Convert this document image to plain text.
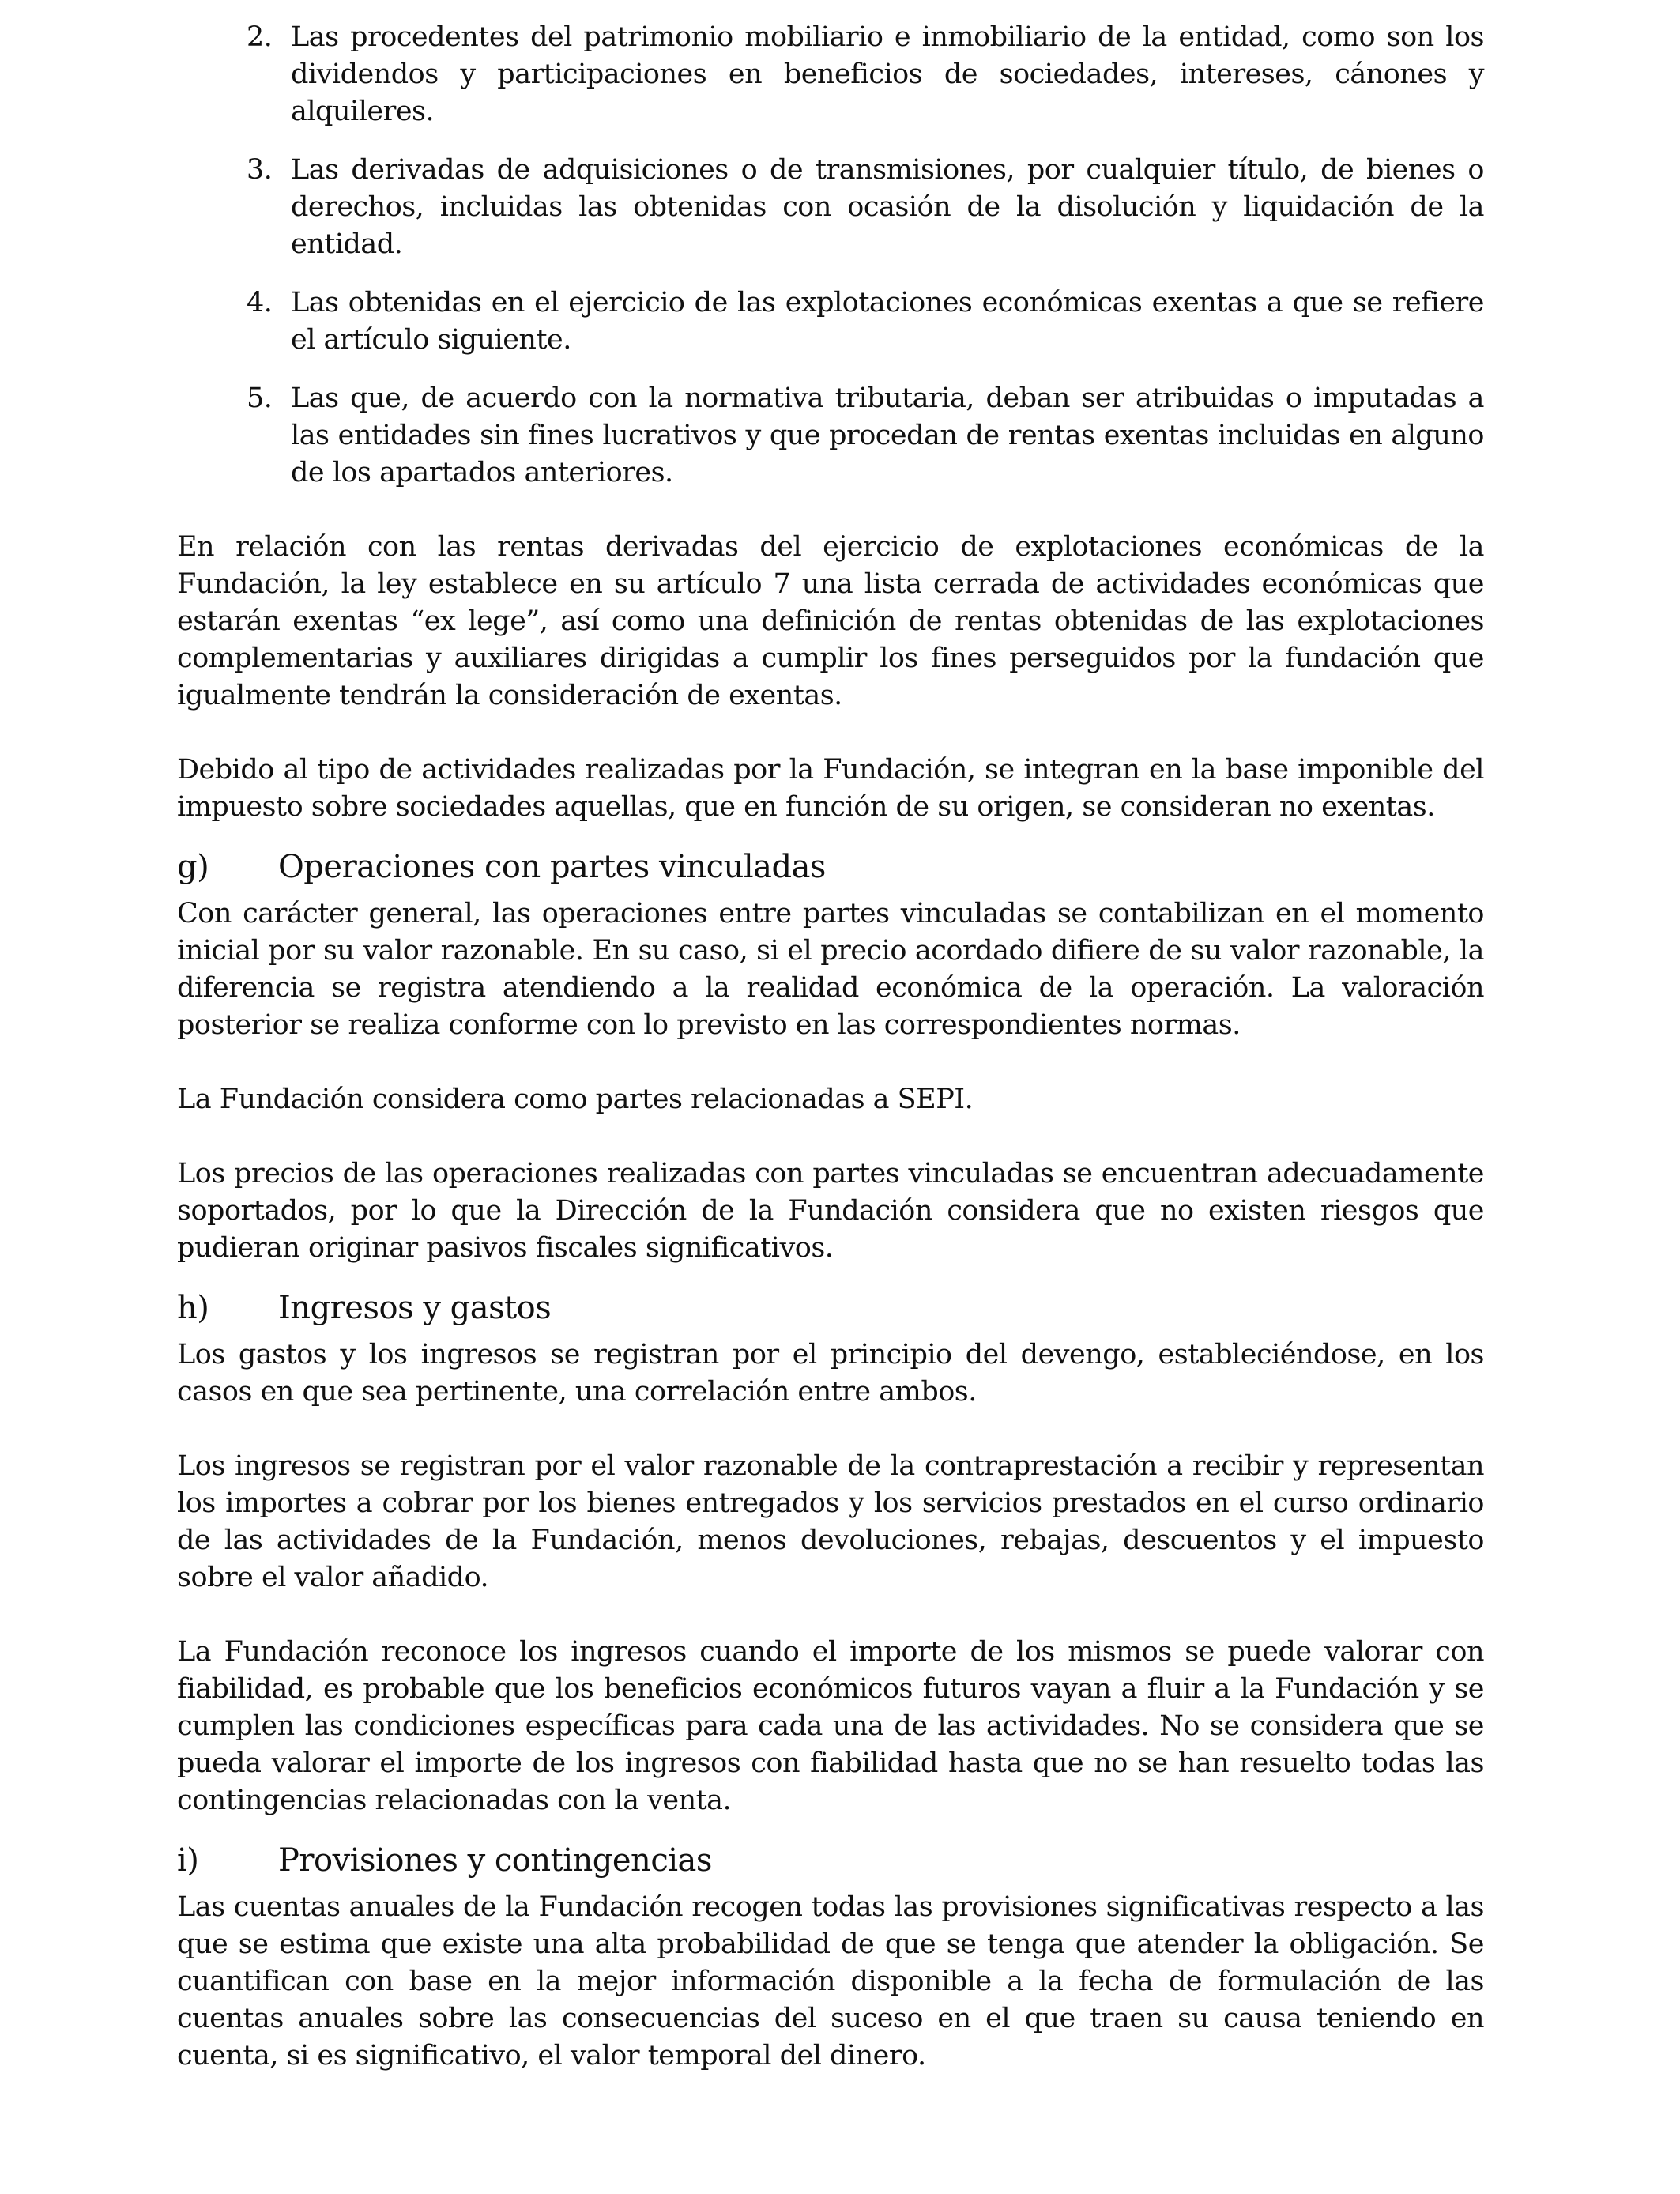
2. Las procedentes del patrimonio mobiliario e inmobiliario de la entidad, como son los dividendos y participaciones en beneficios de sociedades, intereses, cánones y alquileres.
3. Las derivadas de adquisiciones o de transmisiones, por cualquier título, de bienes o derechos, incluidas las obtenidas con ocasión de la disolución y liquidación de la entidad.
4. Las obtenidas en el ejercicio de las explotaciones económicas exentas a que se refiere el artículo siguiente.
5. Las que, de acuerdo con la normativa tributaria, deban ser atribuidas o imputadas a las entidades sin fines lucrativos y que procedan de rentas exentas incluidas en alguno de los apartados anteriores.

En relación con las rentas derivadas del ejercicio de explotaciones económicas de la Fundación, la ley establece en su artículo 7 una lista cerrada de actividades económicas que estarán exentas “ex lege”, así como una definición de rentas obtenidas de las explotaciones complementarias y auxiliares dirigidas a cumplir los fines perseguidos por la fundación que igualmente tendrán la consideración de exentas.

Debido al tipo de actividades realizadas por la Fundación, se integran en la base imponible del impuesto sobre sociedades aquellas, que en función de su origen, se consideran no exentas.

g)	Operaciones con partes vinculadas

Con carácter general, las operaciones entre partes vinculadas se contabilizan en el momento inicial por su valor razonable. En su caso, si el precio acordado difiere de su valor razonable, la diferencia se registra atendiendo a la realidad económica de la operación. La valoración posterior se realiza conforme con lo previsto en las correspondientes normas.

La Fundación considera como partes relacionadas a SEPI.

Los precios de las operaciones realizadas con partes vinculadas se encuentran adecuadamente soportados, por lo que la Dirección de la Fundación considera que no existen riesgos que pudieran originar pasivos fiscales significativos.

h)	Ingresos y gastos

Los gastos y los ingresos se registran por el principio del devengo, estableciéndose, en los casos en que sea pertinente, una correlación entre ambos.

Los ingresos se registran por el valor razonable de la contraprestación a recibir y representan los importes a cobrar por los bienes entregados y los servicios prestados en el curso ordinario de las actividades de la Fundación, menos devoluciones, rebajas, descuentos y el impuesto sobre el valor añadido.

La Fundación reconoce los ingresos cuando el importe de los mismos se puede valorar con fiabilidad, es probable que los beneficios económicos futuros vayan a fluir a la Fundación y se cumplen las condiciones específicas para cada una de las actividades. No se considera que se pueda valorar el importe de los ingresos con fiabilidad hasta que no se han resuelto todas las contingencias relacionadas con la venta.

i)	Provisiones y contingencias

Las cuentas anuales de la Fundación recogen todas las provisiones significativas respecto a las que se estima que existe una alta probabilidad de que se tenga que atender la obligación. Se cuantifican con base en la mejor información disponible a la fecha de formulación de las cuentas anuales sobre las consecuencias del suceso en el que traen su causa teniendo en cuenta, si es significativo, el valor temporal del dinero.
